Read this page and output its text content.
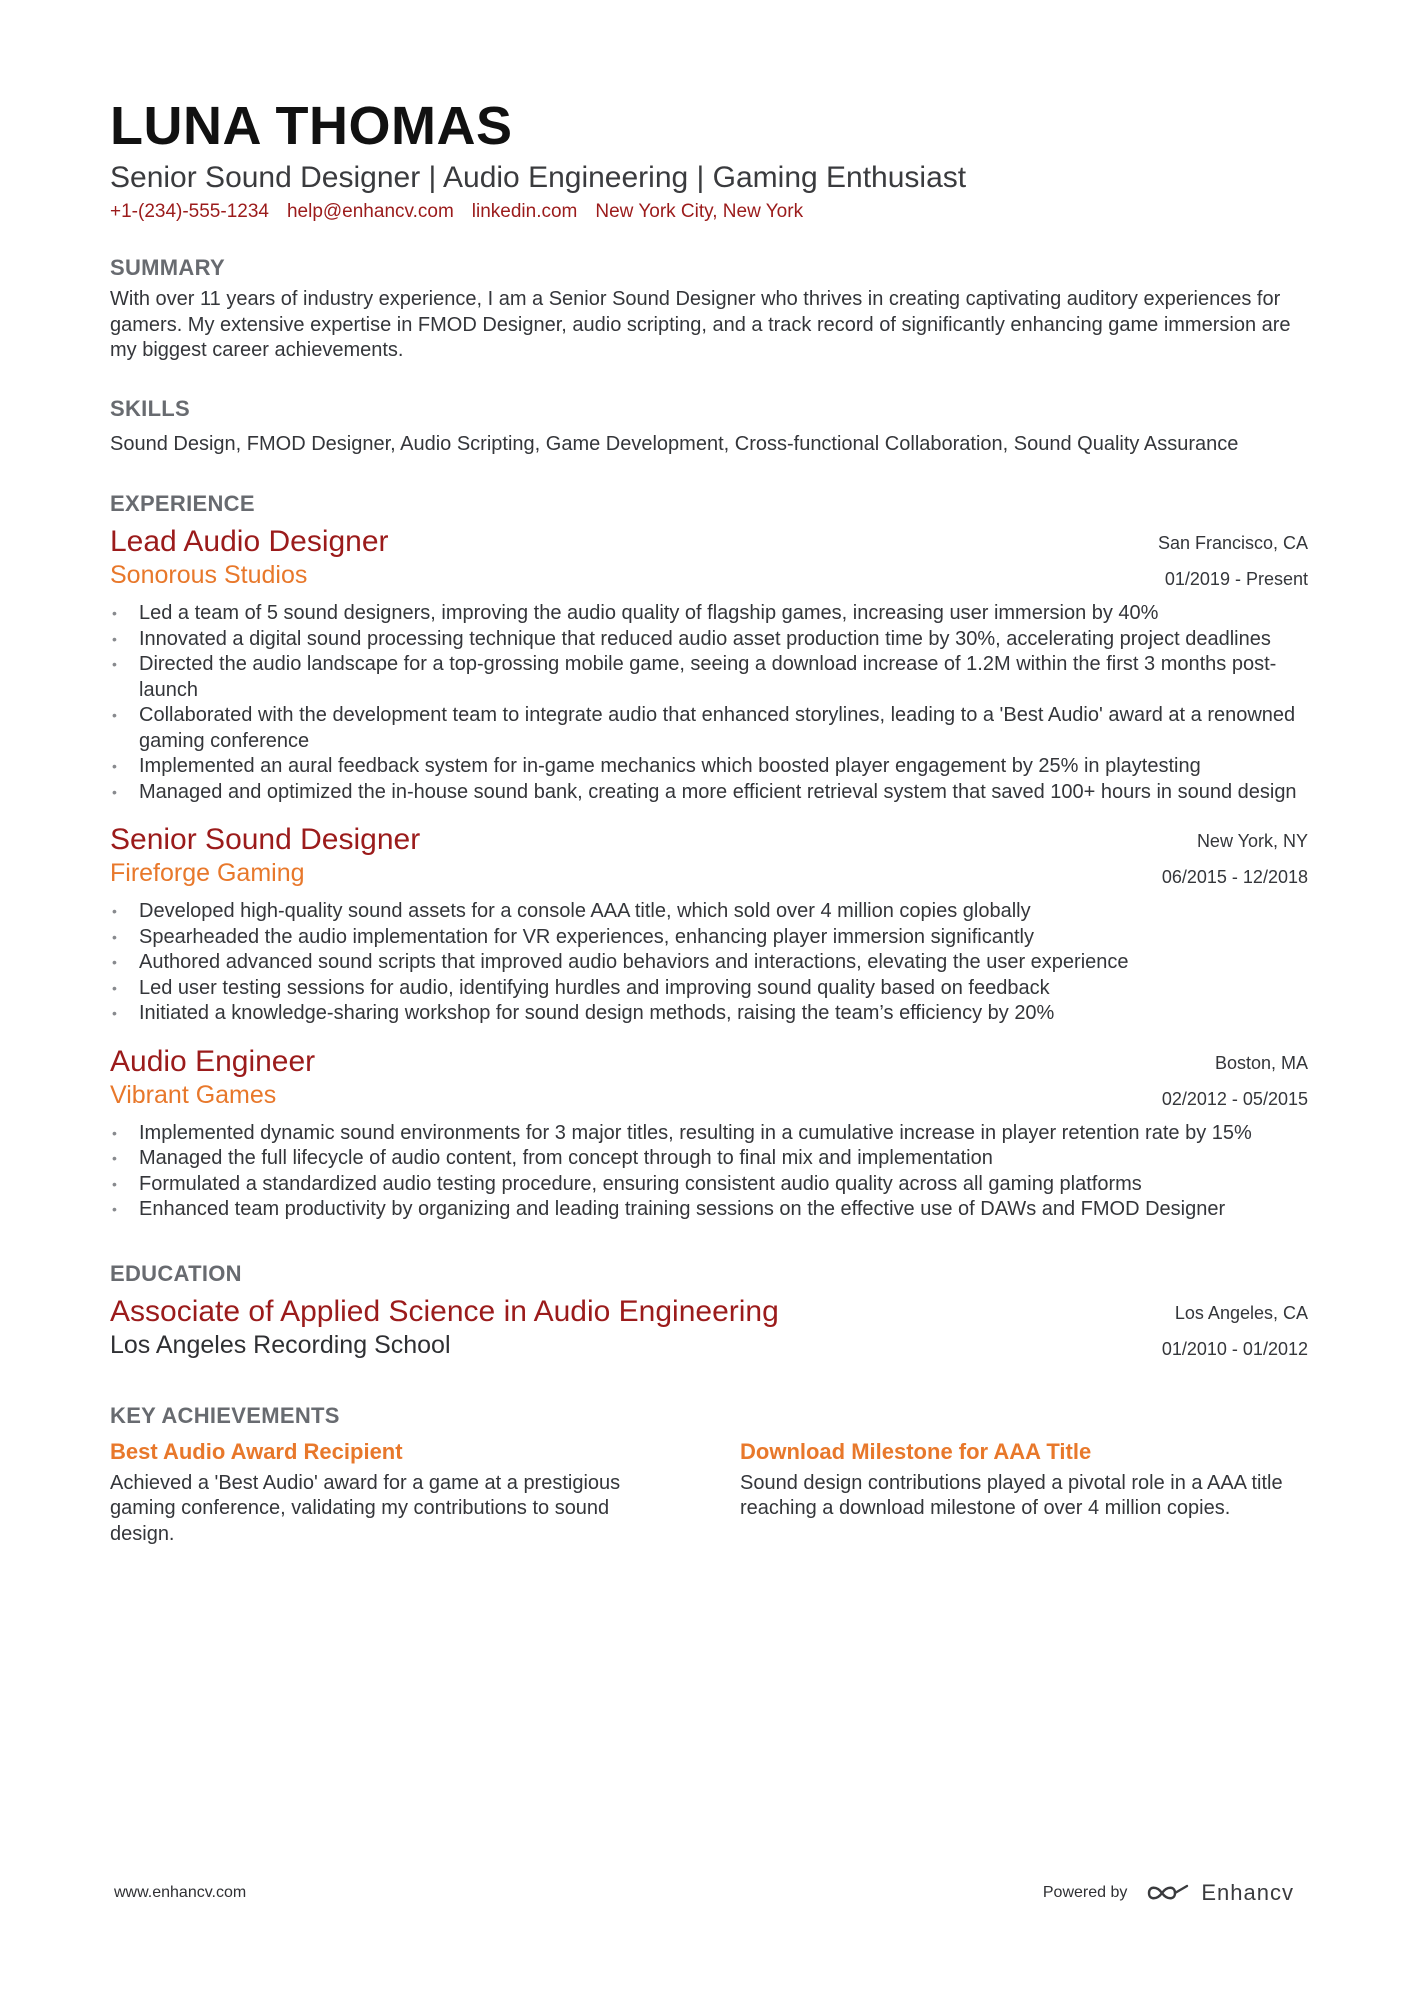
LUNA THOMAS
Senior Sound Designer | Audio Engineering | Gaming Enthusiast
+1-(234)-555-1234 help@enhancv.com linkedin.com New York City, New York
SUMMARY

With over 11 years of industry experience, I am a Senior Sound Designer who thrives in creating captivating auditory experiences for gamers. My extensive expertise in FMOD Designer, audio scripting, and a track record of significantly enhancing game immersion are my biggest career achievements.

SKILLS

Sound Design, FMOD Designer, Audio Scripting, Game Development, Cross-functional Collaboration, Sound Quality Assurance

EXPERIENCE
Lead Audio Designer
Sonorous Studios
San Francisco, CA
01/2019 - Present
• Led a team of 5 sound designers, improving the audio quality of flagship games, increasing user immersion by 40%
• Innovated a digital sound processing technique that reduced audio asset production time by 30%, accelerating project deadlines
• Directed the audio landscape for a top-grossing mobile game, seeing a download increase of 1.2M within the first 3 months post-launch
• Collaborated with the development team to integrate audio that enhanced storylines, leading to a 'Best Audio' award at a renowned gaming conference
• Implemented an aural feedback system for in-game mechanics which boosted player engagement by 25% in playtesting
• Managed and optimized the in-house sound bank, creating a more efficient retrieval system that saved 100+ hours in sound design
Senior Sound Designer
Fireforge Gaming
New York, NY
06/2015 - 12/2018
• Developed high-quality sound assets for a console AAA title, which sold over 4 million copies globally
• Spearheaded the audio implementation for VR experiences, enhancing player immersion significantly
• Authored advanced sound scripts that improved audio behaviors and interactions, elevating the user experience
• Led user testing sessions for audio, identifying hurdles and improving sound quality based on feedback
• Initiated a knowledge-sharing workshop for sound design methods, raising the team’s efficiency by 20%
Audio Engineer
Vibrant Games
Boston, MA
02/2012 - 05/2015
• Implemented dynamic sound environments for 3 major titles, resulting in a cumulative increase in player retention rate by 15%
• Managed the full lifecycle of audio content, from concept through to final mix and implementation
• Formulated a standardized audio testing procedure, ensuring consistent audio quality across all gaming platforms
• Enhanced team productivity by organizing and leading training sessions on the effective use of DAWs and FMOD Designer
EDUCATION
Associate of Applied Science in Audio Engineering
Los Angeles Recording School
Los Angeles, CA
01/2010 - 01/2012
KEY ACHIEVEMENTS
Best Audio Award Recipient

Achieved a 'Best Audio' award for a game at a prestigious gaming conference, validating my contributions to sound design.

Download Milestone for AAA Title

Sound design contributions played a pivotal role in a AAA title reaching a download milestone of over 4 million copies.

www.enhancv.com	Powered by	Enhancv
